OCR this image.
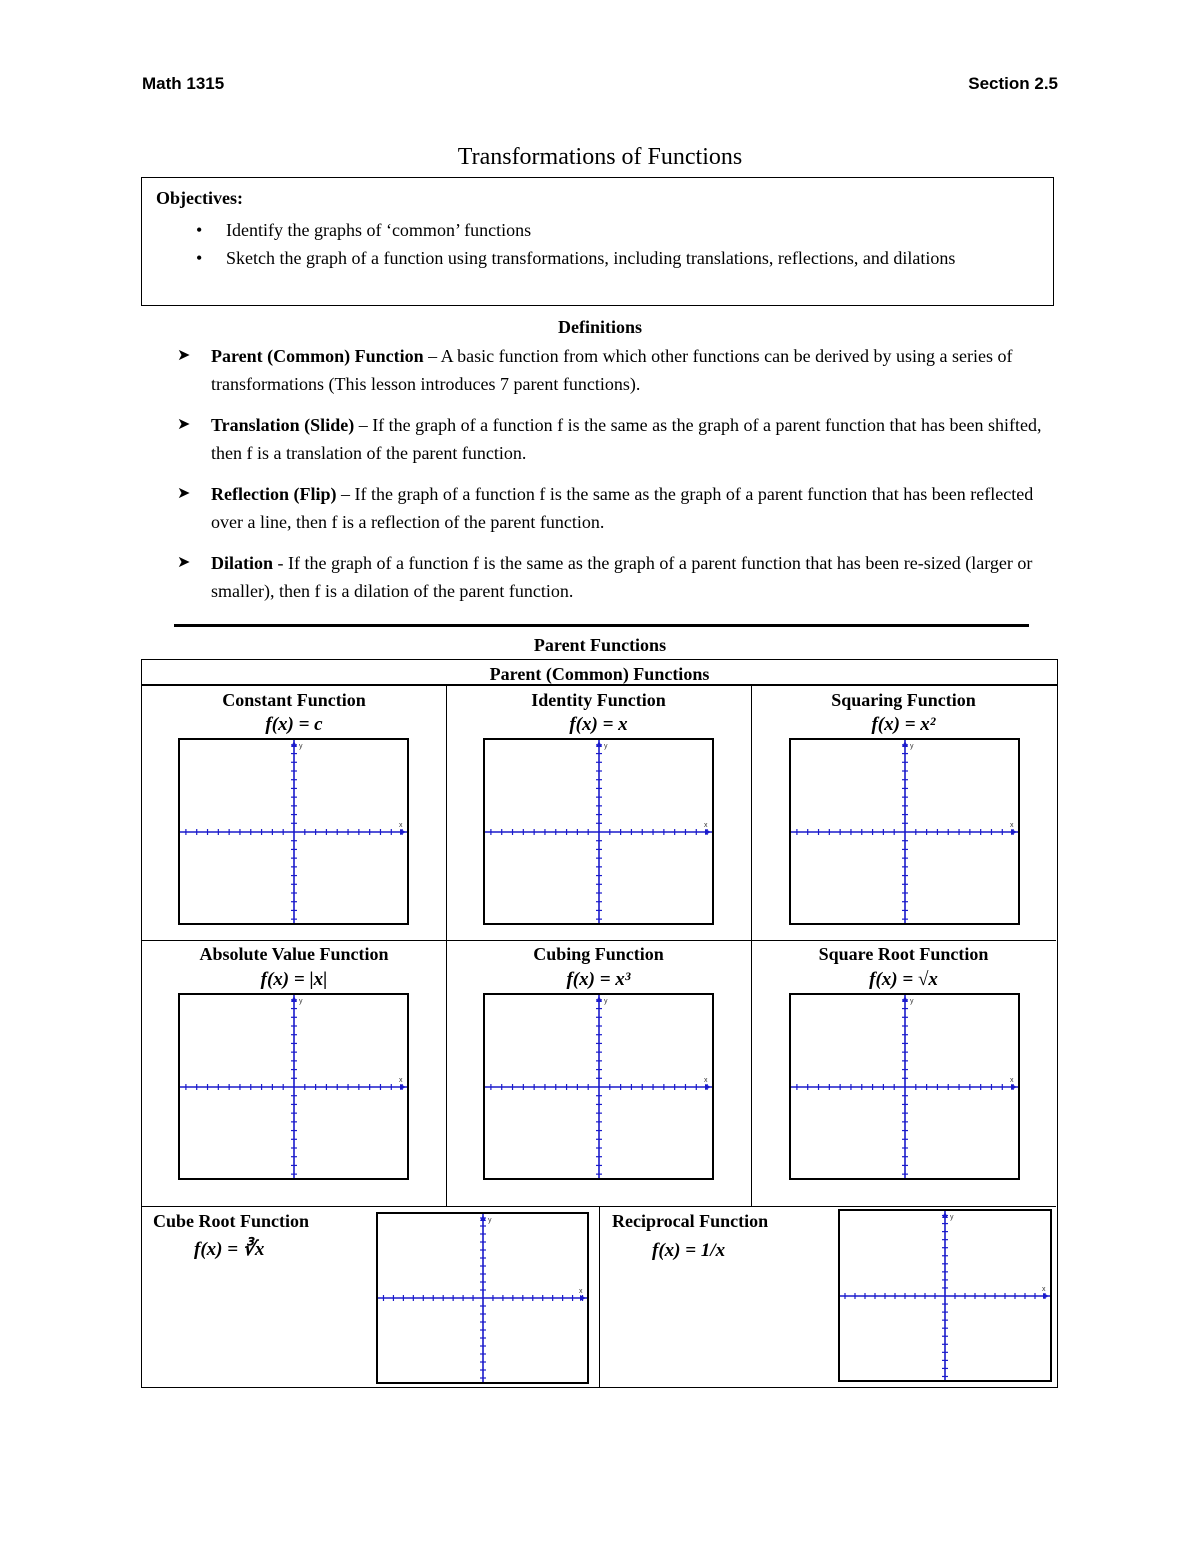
Math 1315	Section 2.5
Transformations of Functions
Objectives:
• Identify the graphs of ‘common’ functions
• Sketch the graph of a function using transformations, including translations, reflections, and dilations
Definitions
➤ Parent (Common) Function – A basic function from which other functions can be derived by using a series of transformations (This lesson introduces 7 parent functions).
➤ Translation (Slide) – If the graph of a function f is the same as the graph of a parent function that has been shifted, then f is a translation of the parent function.
➤ Reflection (Flip) – If the graph of a function f is the same as the graph of a parent function that has been reflected over a line, then f is a reflection of the parent function.
➤ Dilation - If the graph of a function f is the same as the graph of a parent function that has been re-sized (larger or smaller), then f is a dilation of the parent function.
Parent Functions
Parent (Common) Functions
Constant Function
f(x) = c
x
y
Identity Function
f(x) = x
x
y
Squaring Function
f(x) = x²
x
y
Absolute Value Function
f(x) = |x|
x
y
Cubing Function
f(x) = x³
x
y
Square Root Function
f(x) = √x
x
y
Cube Root Function
f(x) = ∛x
x
y	Reciprocal Function
f(x) = 1/x
x
y
